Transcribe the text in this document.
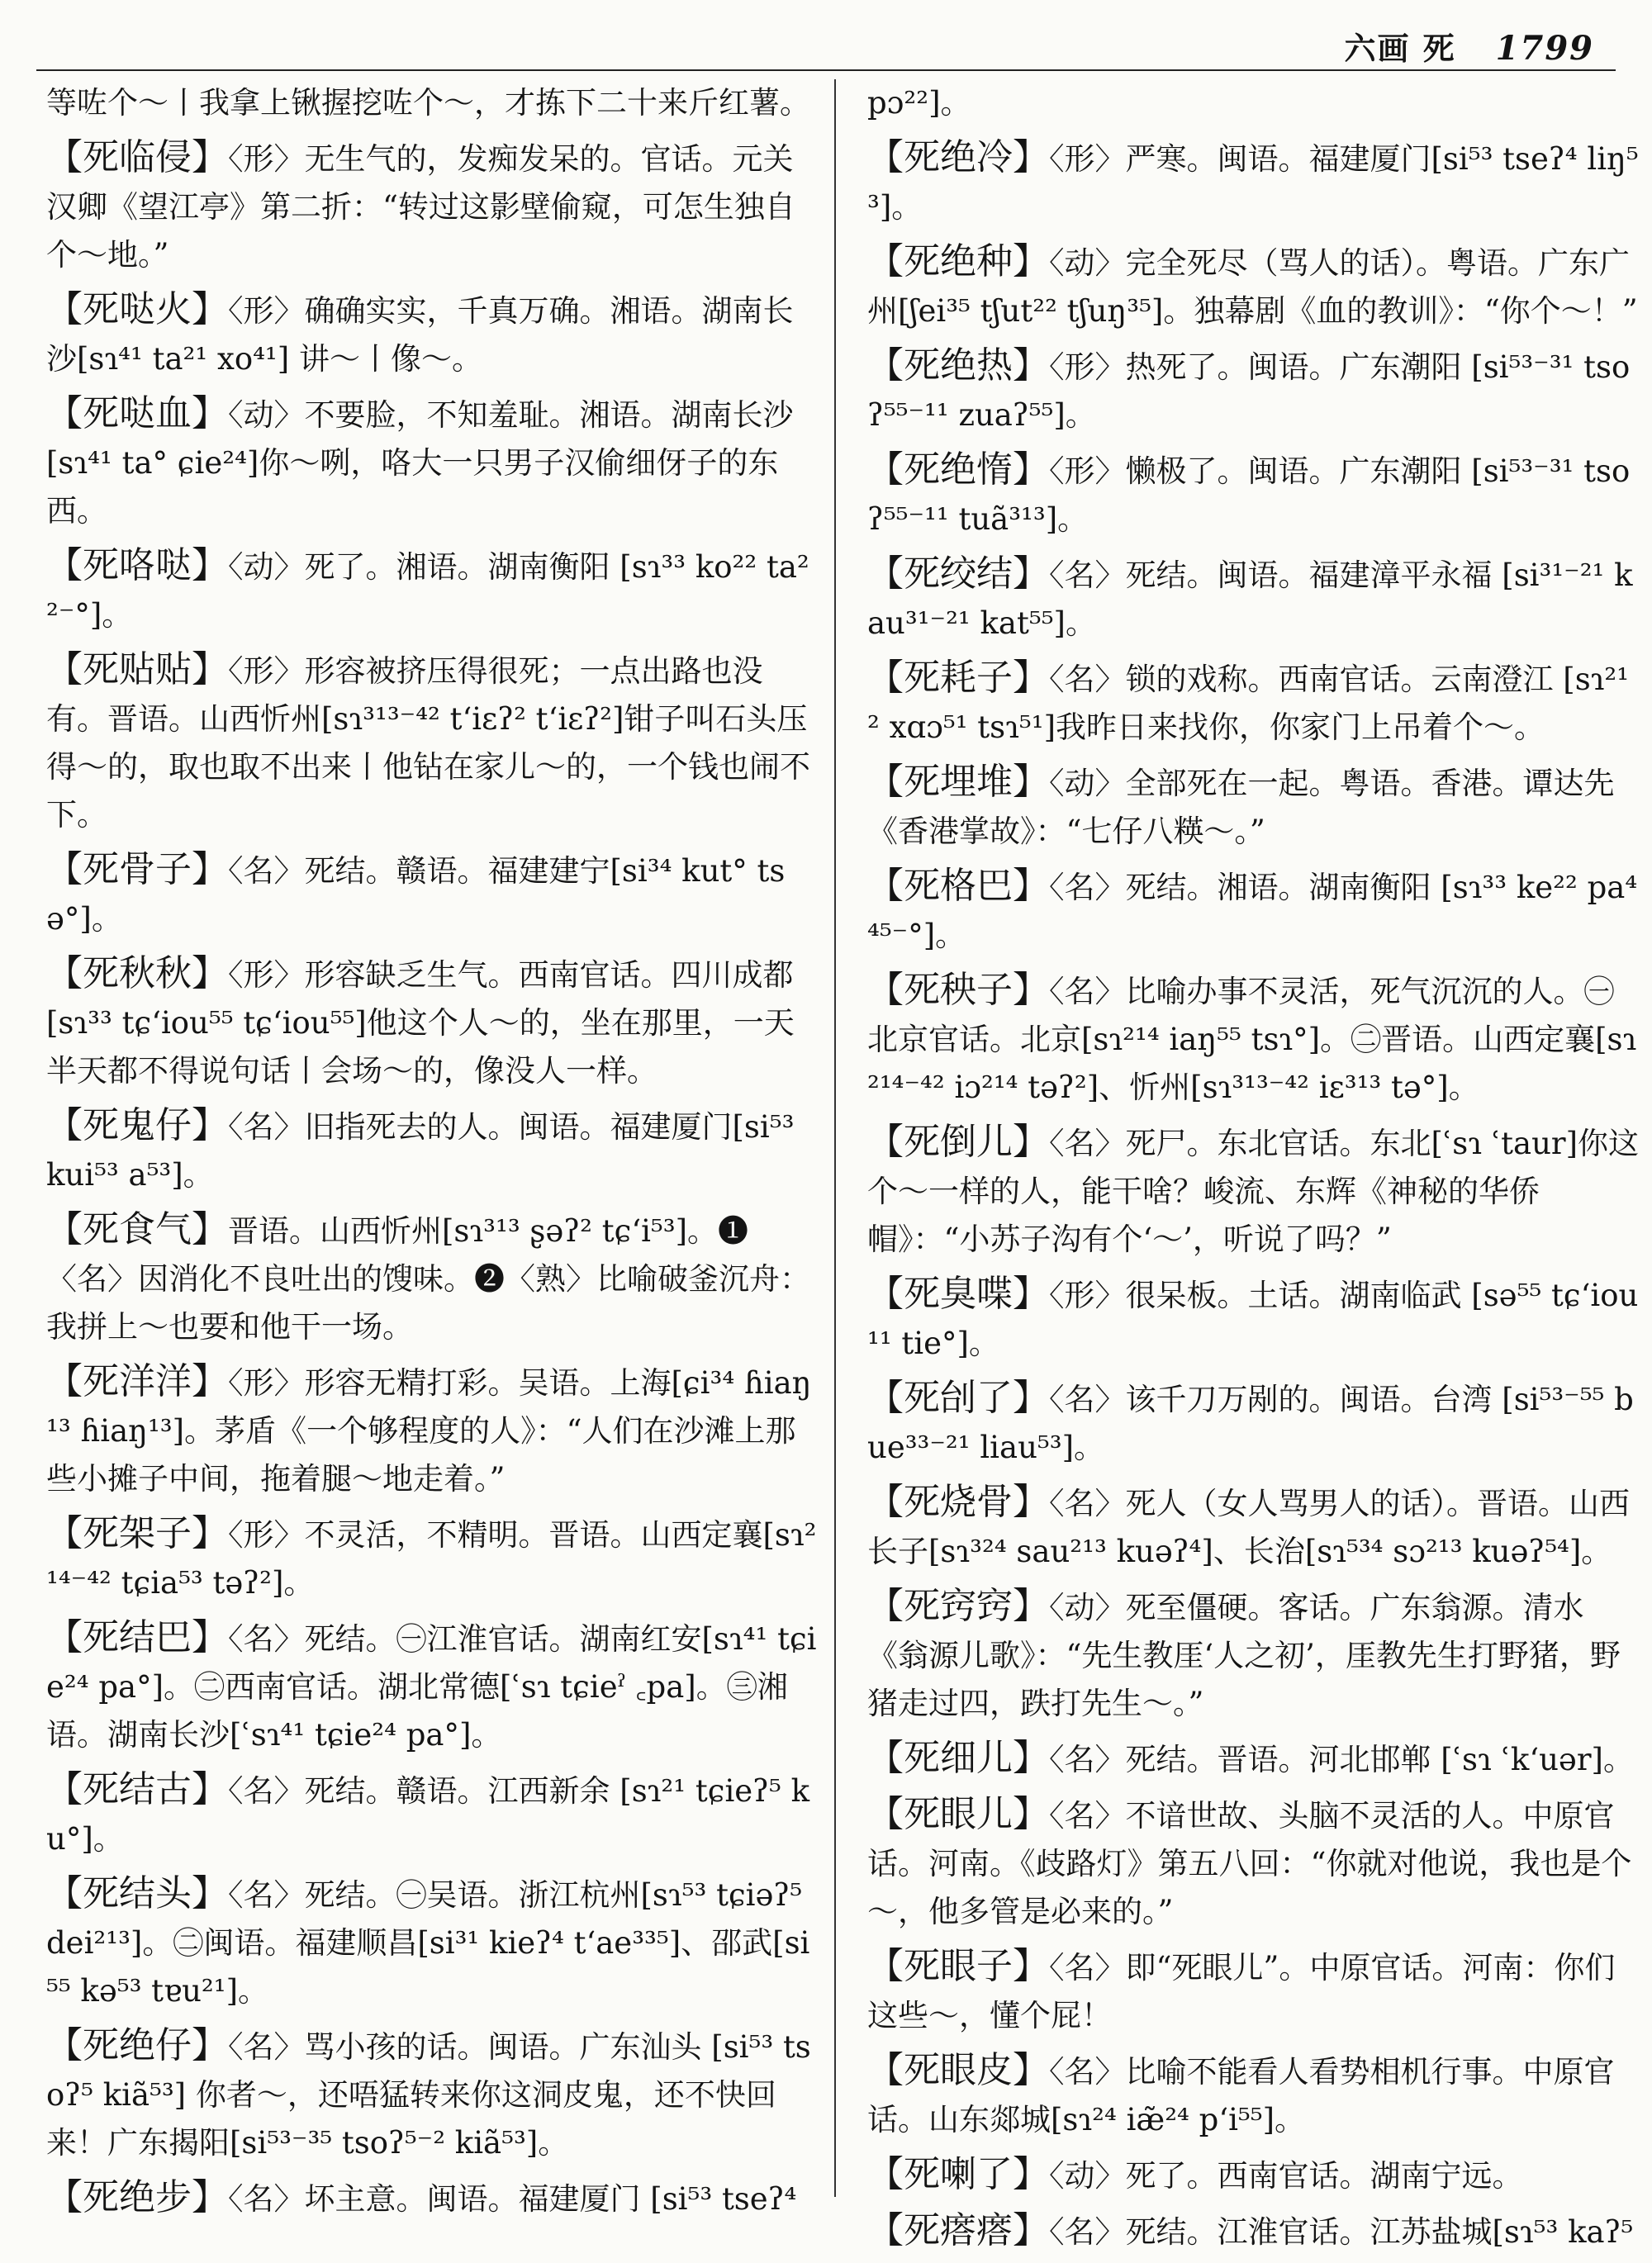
六画 死 1799
等咗个～丨我拿上锹握挖咗个～，才拣下二十来斤红薯。
【死临侵】〈形〉无生气的，发痴发呆的。官话。元关汉卿《望江亭》第二折：“转过这影壁偷窥，可怎生独自个～地。”
【死哒火】〈形〉确确实实，千真万确。湘语。湖南长沙[sɿ⁴¹ ta²¹ xo⁴¹] 讲～丨像～。
【死哒血】〈动〉不要脸，不知羞耻。湘语。湖南长沙[sɿ⁴¹ ta° ɕie²⁴]你～咧，咯大一只男子汉偷细伢子的东西。
【死咯哒】〈动〉死了。湘语。湖南衡阳 [sɿ³³ ko²² ta²²⁻°]。
【死贴贴】〈形〉形容被挤压得很死；一点出路也没有。晋语。山西忻州[sɿ³¹³⁻⁴² t‘iɛʔ² t‘iɛʔ²]钳子叫石头压得～的，取也取不出来丨他钻在家儿～的，一个钱也闹不下。
【死骨子】〈名〉死结。赣语。福建建宁[si³⁴ kut° tsə°]。
【死秋秋】〈形〉形容缺乏生气。西南官话。四川成都[sɿ³³ tɕ‘iou⁵⁵ tɕ‘iou⁵⁵]他这个人～的，坐在那里，一天半天都不得说句话丨会场～的，像没人一样。
【死鬼仔】〈名〉旧指死去的人。闽语。福建厦门[si⁵³ kui⁵³ a⁵³]。
【死食气】晋语。山西忻州[sɿ³¹³ ʂəʔ² tɕ‘i⁵³]。❶〈名〉因消化不良吐出的馊味。❷〈熟〉比喻破釜沉舟：我拼上～也要和他干一场。
【死洋洋】〈形〉形容无精打彩。吴语。上海[ɕi³⁴ ɦiaŋ¹³ ɦiaŋ¹³]。茅盾《一个够程度的人》：“人们在沙滩上那些小摊子中间，拖着腿～地走着。”
【死架子】〈形〉不灵活，不精明。晋语。山西定襄[sɿ²¹⁴⁻⁴² tɕia⁵³ təʔ²]。
【死结巴】〈名〉死结。㊀江淮官话。湖南红安[sɿ⁴¹ tɕie²⁴ pa°]。㊁西南官话。湖北常德[ʿsɿ tɕieˀ ꜀pa]。㊂湘语。湖南长沙[ʿsɿ⁴¹ tɕie²⁴ pa°]。
【死结古】〈名〉死结。赣语。江西新余 [sɿ²¹ tɕieʔ⁵ ku°]。
【死结头】〈名〉死结。㊀吴语。浙江杭州[sɿ⁵³ tɕiəʔ⁵ dei²¹³]。㊁闽语。福建顺昌[si³¹ kieʔ⁴ t‘ae³³⁵]、邵武[si⁵⁵ kə⁵³ tɐu²¹]。
【死绝仔】〈名〉骂小孩的话。闽语。广东汕头 [si⁵³ tsoʔ⁵ kiã⁵³] 你者～，还唔猛转来你这洞皮鬼，还不快回来！广东揭阳[si⁵³⁻³⁵ tsoʔ⁵⁻² kiã⁵³]。
【死绝步】〈名〉坏主意。闽语。福建厦门 [si⁵³ tseʔ⁴
pɔ²²]。
【死绝冷】〈形〉严寒。闽语。福建厦门[si⁵³ tseʔ⁴ liŋ⁵³]。
【死绝种】〈动〉完全死尽（骂人的话）。粤语。广东广州[ʃei³⁵ tʃut²² tʃuŋ³⁵]。独幕剧《血的教训》：“你个～！”
【死绝热】〈形〉热死了。闽语。广东潮阳 [si⁵³⁻³¹ tsoʔ⁵⁵⁻¹¹ zuaʔ⁵⁵]。
【死绝惰】〈形〉懒极了。闽语。广东潮阳 [si⁵³⁻³¹ tsoʔ⁵⁵⁻¹¹ tuã³¹³]。
【死绞结】〈名〉死结。闽语。福建漳平永福 [si³¹⁻²¹ kau³¹⁻²¹ kat⁵⁵]。
【死耗子】〈名〉锁的戏称。西南官话。云南澄江 [sɿ²¹² xɑɔ⁵¹ tsɿ⁵¹]我昨日来找你，你家门上吊着个～。
【死埋堆】〈动〉全部死在一起。粤语。香港。谭达先《香港掌故》：“七仔八䊔～。”
【死格巴】〈名〉死结。湘语。湖南衡阳 [sɿ³³ ke²² pa⁴⁴⁵⁻°]。
【死秧子】〈名〉比喻办事不灵活，死气沉沉的人。㊀北京官话。北京[sɿ²¹⁴ iaŋ⁵⁵ tsɿ°]。㊁晋语。山西定襄[sɿ²¹⁴⁻⁴² iɔ²¹⁴ təʔ²]、忻州[sɿ³¹³⁻⁴² iɛ³¹³ tə°]。
【死倒儿】〈名〉死尸。东北官话。东北[ʿsɿ ʿtaur]你这个～一样的人，能干啥？峻流、东辉《神秘的华侨帽》：“小苏子沟有个‘～’，听说了吗？”
【死臭喋】〈形〉很呆板。土话。湖南临武 [sə⁵⁵ tɕ‘iou¹¹ tie°]。
【死刣了】〈名〉该千刀万剐的。闽语。台湾 [si⁵³⁻⁵⁵ bue³³⁻²¹ liau⁵³]。
【死烧骨】〈名〉死人（女人骂男人的话）。晋语。山西长子[sɿ³²⁴ sau²¹³ kuəʔ⁴]、长治[sɿ⁵³⁴ sɔ²¹³ kuəʔ⁵⁴]。
【死窍窍】〈动〉死至僵硬。客话。广东翁源。清水《翁源儿歌》：“先生教厓‘人之初’，厓教先生打野猪，野猪走过四，跌打先生～。”
【死细儿】〈名〉死结。晋语。河北邯郸 [ʿsɿ ʿk‘uər]。
【死眼儿】〈名〉不谙世故、头脑不灵活的人。中原官话。河南。《歧路灯》第五八回：“你就对他说，我也是个～，他多管是必来的。”
【死眼子】〈名〉即“死眼儿”。中原官话。河南：你们这些～，懂个屁！
【死眼皮】〈名〉比喻不能看人看势相机行事。中原官话。山东郯城[sɿ²⁴ iæ̃²⁴ p‘i⁵⁵]。
【死喇了】〈动〉死了。西南官话。湖南宁远。
【死瘩瘩】〈名〉死结。江淮官话。江苏盐城[sɿ⁵³ kaʔ⁵
